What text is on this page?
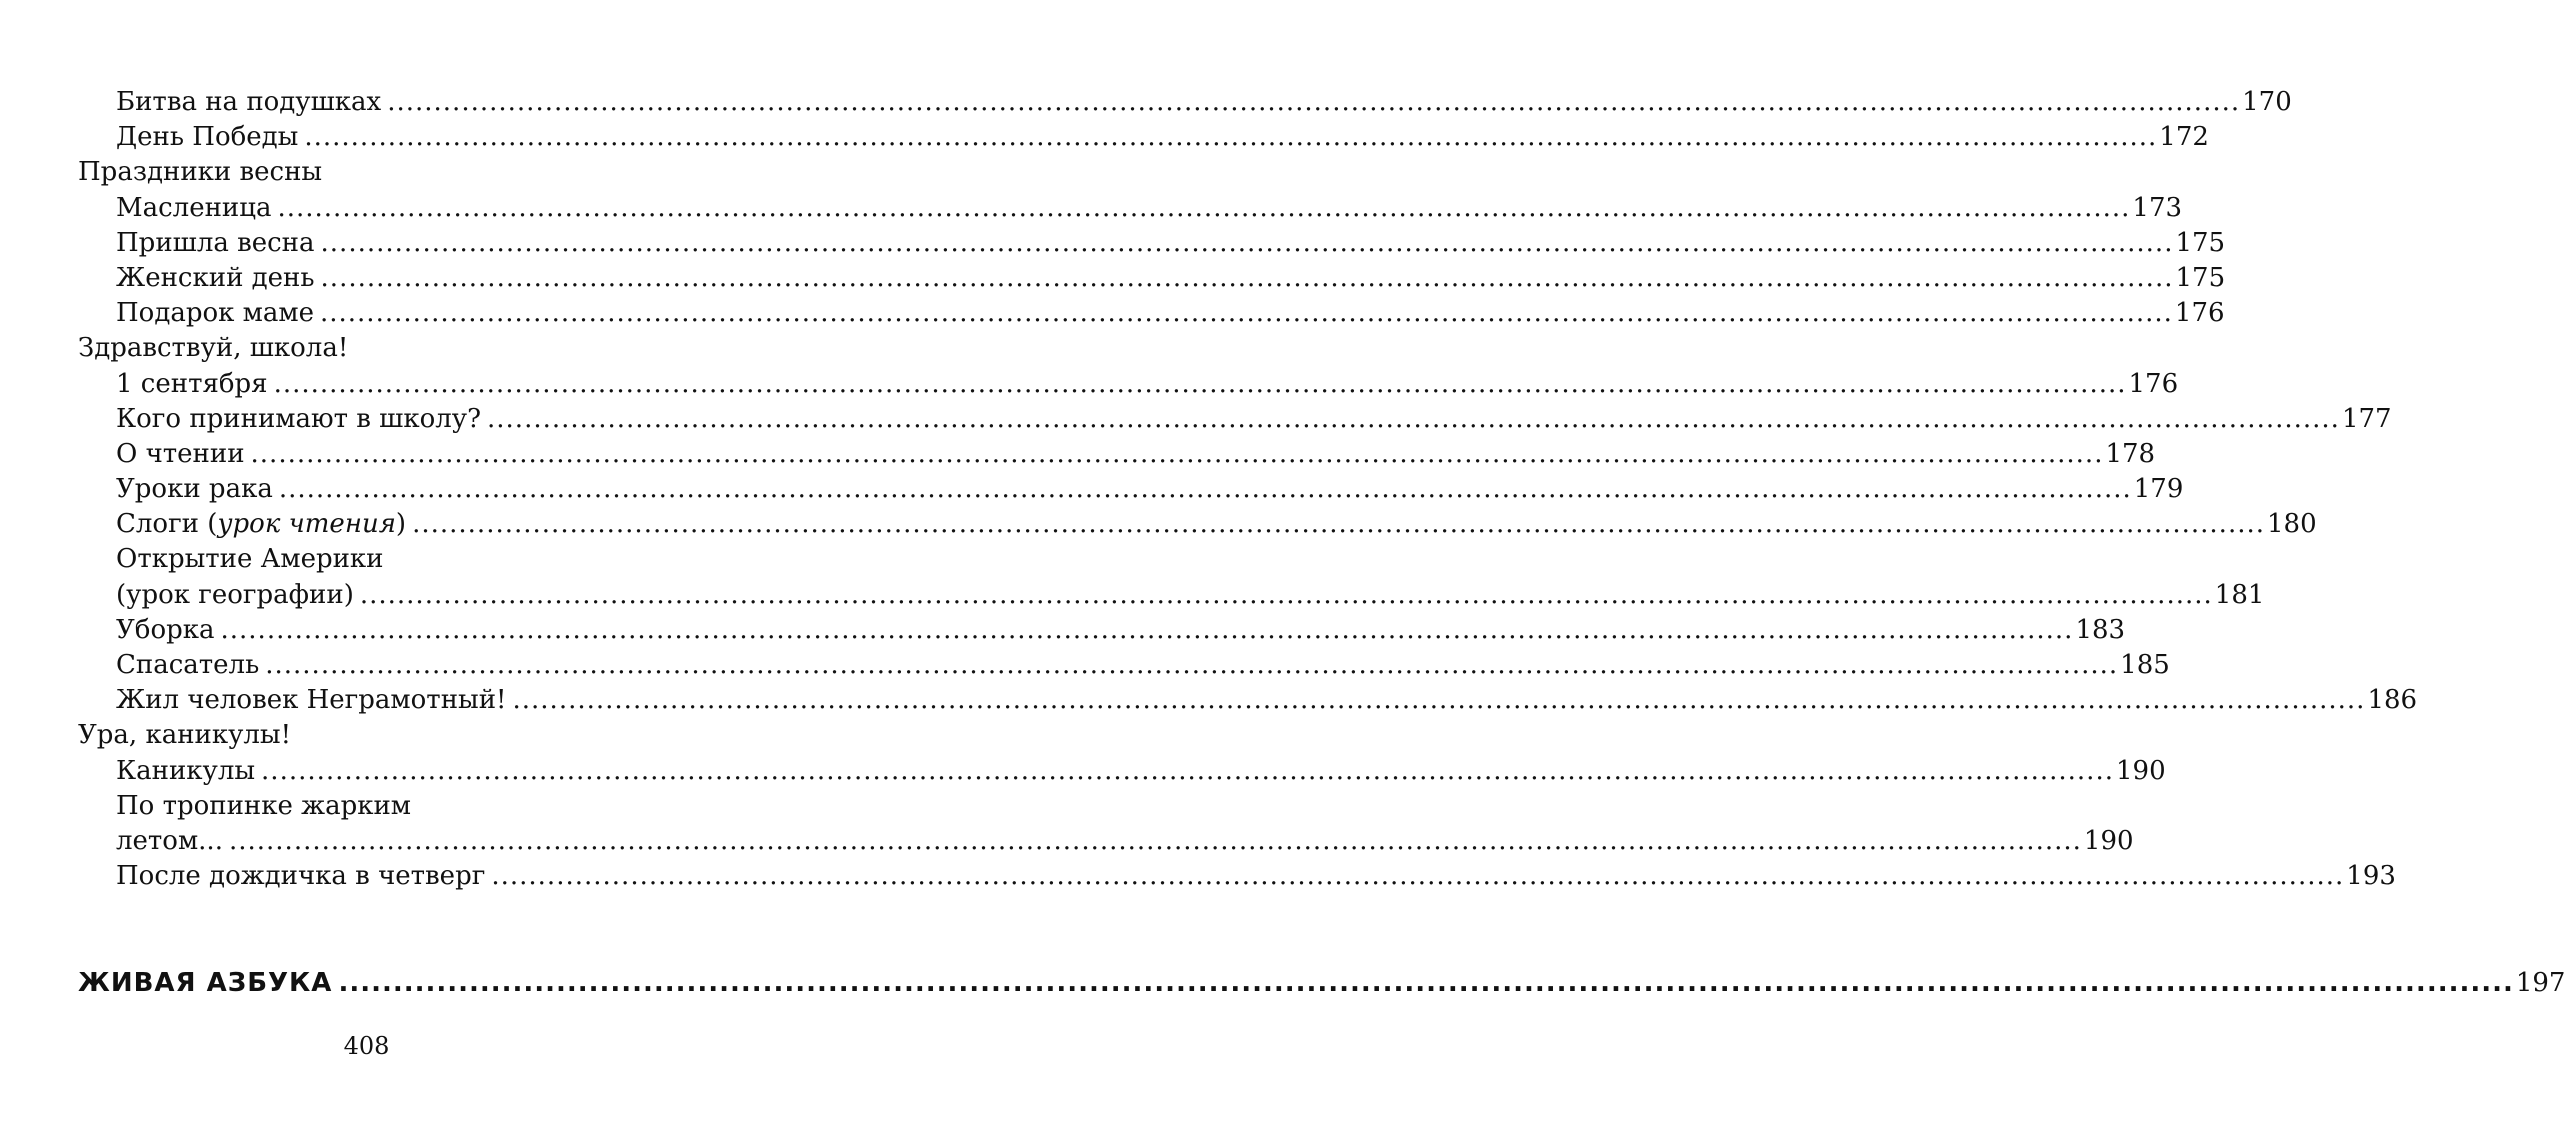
Битва на подушках ........................................................................................................................................................................................................ 170
День Победы ........................................................................................................................................................................................................ 172
Праздники весны
Масленица ........................................................................................................................................................................................................ 173
Пришла весна ........................................................................................................................................................................................................ 175
Женский день ........................................................................................................................................................................................................ 175
Подарок маме ........................................................................................................................................................................................................ 176
Здравствуй, школа!
1 сентября ........................................................................................................................................................................................................ 176
Кого принимают в школу? ........................................................................................................................................................................................................ 177
О чтении ........................................................................................................................................................................................................ 178
Уроки рака ........................................................................................................................................................................................................ 179
Слоги (урок чтения) ........................................................................................................................................................................................................ 180
Открытие Америки
(урок географии) ........................................................................................................................................................................................................ 181
Уборка ........................................................................................................................................................................................................ 183
Спасатель ........................................................................................................................................................................................................ 185
Жил человек Неграмотный! ........................................................................................................................................................................................................ 186
Ура, каникулы!
Каникулы ........................................................................................................................................................................................................ 190
По тропинке жарким
летом... ........................................................................................................................................................................................................ 190
После дождичка в четверг ........................................................................................................................................................................................................ 193
ЖИВАЯ АЗБУКА ........................................................................................................................................................................................................ 197
408
